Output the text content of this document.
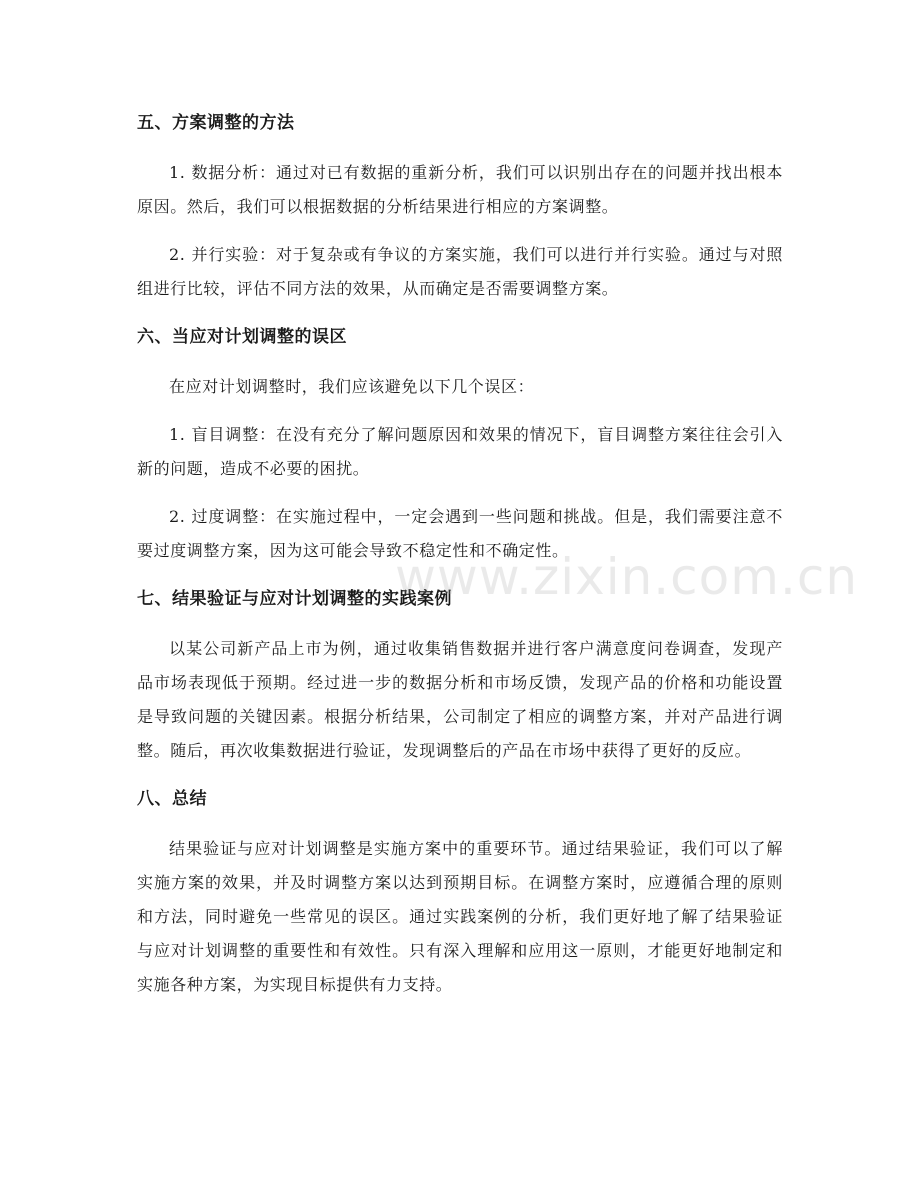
五、方案调整的方法

1. 数据分析：通过对已有数据的重新分析，我们可以识别出存在的问题并找出根本原因。然后，我们可以根据数据的分析结果进行相应的方案调整。

2. 并行实验：对于复杂或有争议的方案实施，我们可以进行并行实验。通过与对照组进行比较，评估不同方法的效果，从而确定是否需要调整方案。

六、当应对计划调整的误区

在应对计划调整时，我们应该避免以下几个误区：

1. 盲目调整：在没有充分了解问题原因和效果的情况下，盲目调整方案往往会引入新的问题，造成不必要的困扰。

2. 过度调整：在实施过程中，一定会遇到一些问题和挑战。但是，我们需要注意不要过度调整方案，因为这可能会导致不稳定性和不确定性。

七、结果验证与应对计划调整的实践案例

以某公司新产品上市为例，通过收集销售数据并进行客户满意度问卷调查，发现产品市场表现低于预期。经过进一步的数据分析和市场反馈，发现产品的价格和功能设置是导致问题的关键因素。根据分析结果，公司制定了相应的调整方案，并对产品进行调整。随后，再次收集数据进行验证，发现调整后的产品在市场中获得了更好的反应。

八、总结

结果验证与应对计划调整是实施方案中的重要环节。通过结果验证，我们可以了解实施方案的效果，并及时调整方案以达到预期目标。在调整方案时，应遵循合理的原则和方法，同时避免一些常见的误区。通过实践案例的分析，我们更好地了解了结果验证与应对计划调整的重要性和有效性。只有深入理解和应用这一原则，才能更好地制定和实施各种方案，为实现目标提供有力支持。

www.zixin.com.cn
